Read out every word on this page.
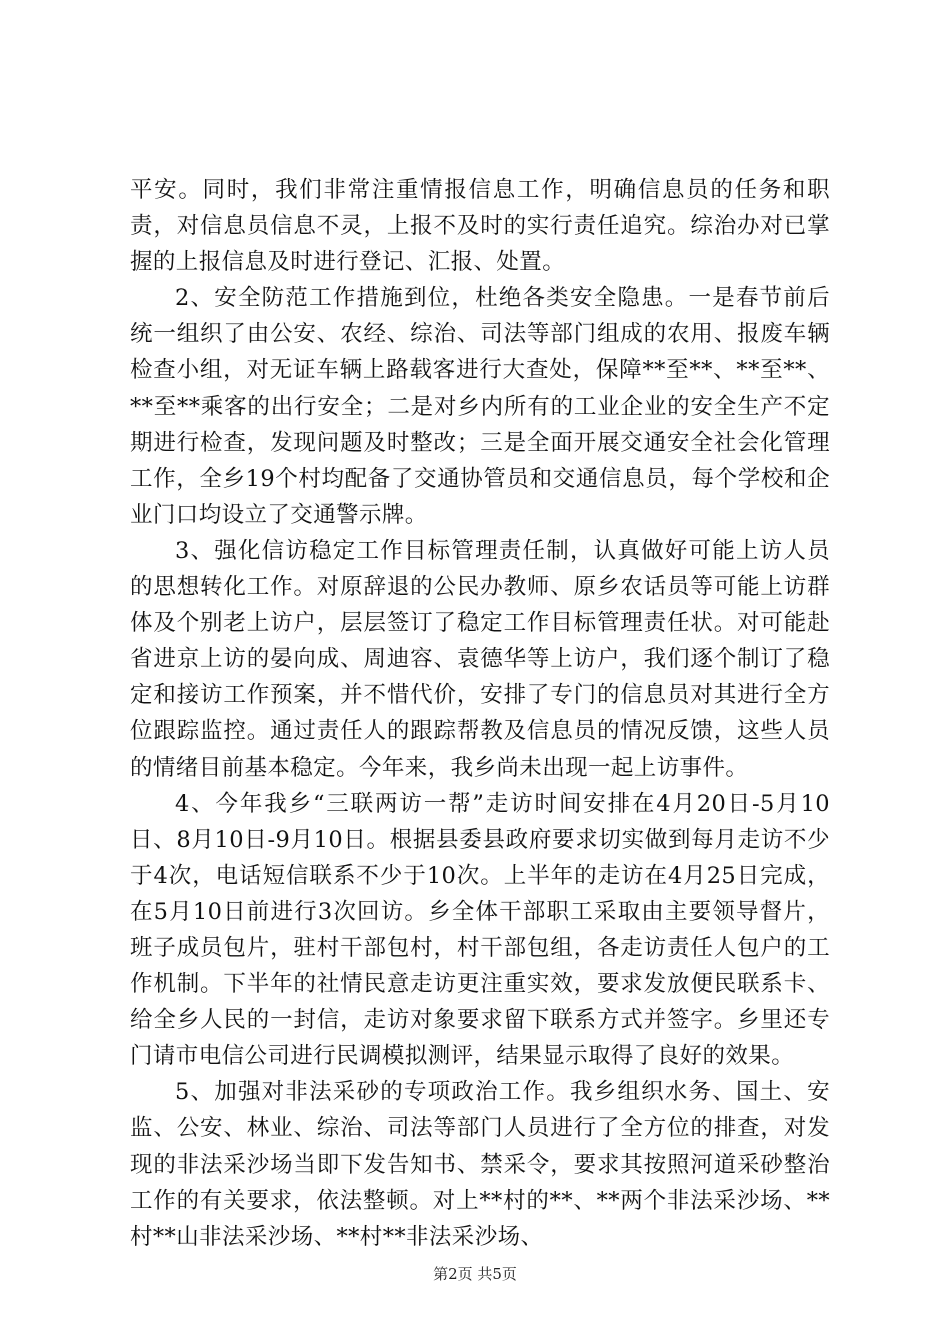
平安。同时，我们非常注重情报信息工作，明确信息员的任务和职责，对信息员信息不灵，上报不及时的实行责任追究。综治办对已掌握的上报信息及时进行登记、汇报、处置。

2、安全防范工作措施到位，杜绝各类安全隐患。一是春节前后统一组织了由公安、农经、综治、司法等部门组成的农用、报废车辆检查小组，对无证车辆上路载客进行大查处，保障**至**、**至**、**至**乘客的出行安全；二是对乡内所有的工业企业的安全生产不定期进行检查，发现问题及时整改；三是全面开展交通安全社会化管理工作，全乡19个村均配备了交通协管员和交通信息员，每个学校和企业门口均设立了交通警示牌。

3、强化信访稳定工作目标管理责任制，认真做好可能上访人员的思想转化工作。对原辞退的公民办教师、原乡农话员等可能上访群体及个别老上访户，层层签订了稳定工作目标管理责任状。对可能赴省进京上访的晏向成、周迪容、袁德华等上访户，我们逐个制订了稳定和接访工作预案，并不惜代价，安排了专门的信息员对其进行全方位跟踪监控。通过责任人的跟踪帮教及信息员的情况反馈，这些人员的情绪目前基本稳定。今年来，我乡尚未出现一起上访事件。

4、今年我乡“三联两访一帮”走访时间安排在4月20日-5月10日、8月10日-9月10日。根据县委县政府要求切实做到每月走访不少于4次，电话短信联系不少于10次。上半年的走访在4月25日完成，在5月10日前进行3次回访。乡全体干部职工采取由主要领导督片，班子成员包片，驻村干部包村，村干部包组，各走访责任人包户的工作机制。下半年的社情民意走访更注重实效，要求发放便民联系卡、给全乡人民的一封信，走访对象要求留下联系方式并签字。乡里还专门请市电信公司进行民调模拟测评，结果显示取得了良好的效果。

5、加强对非法采砂的专项政治工作。我乡组织水务、国土、安监、公安、林业、综治、司法等部门人员进行了全方位的排查，对发现的非法采沙场当即下发告知书、禁采令，要求其按照河道采砂整治工作的有关要求，依法整顿。对上**村的**、**两个非法采沙场、**村**山非法采沙场、**村**非法采沙场、

第2页 共5页
